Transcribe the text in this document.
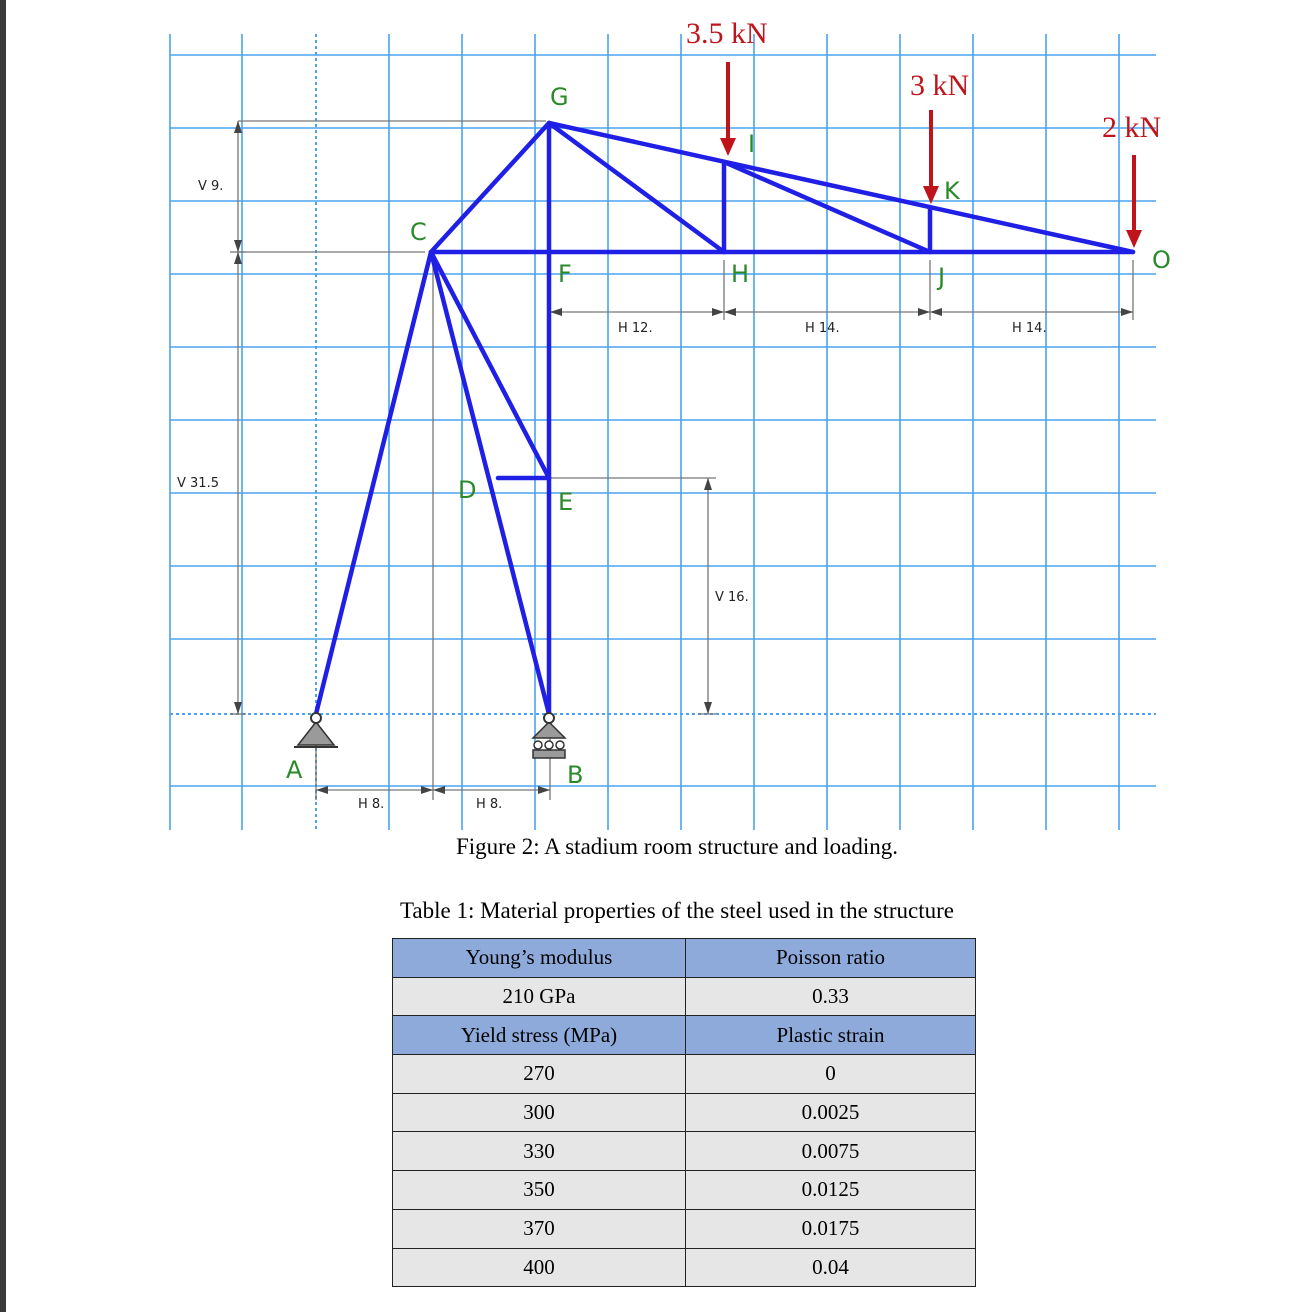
V 9.
V 31.5
V 16.
H 12.	H 14.	H 14.
H 8.	H 8.
3.5 kN
3 kN
2 kN
G
I
K
C
F	H	J
O
D	E
A	B
Figure 2: A stadium room structure and loading.
Table 1: Material properties of the steel used in the structure
Young’s modulus	Poisson ratio
210 GPa	0.33
Yield stress (MPa)	Plastic strain
270	0
300	0.0025
330	0.0075
350	0.0125
370	0.0175
400	0.04
